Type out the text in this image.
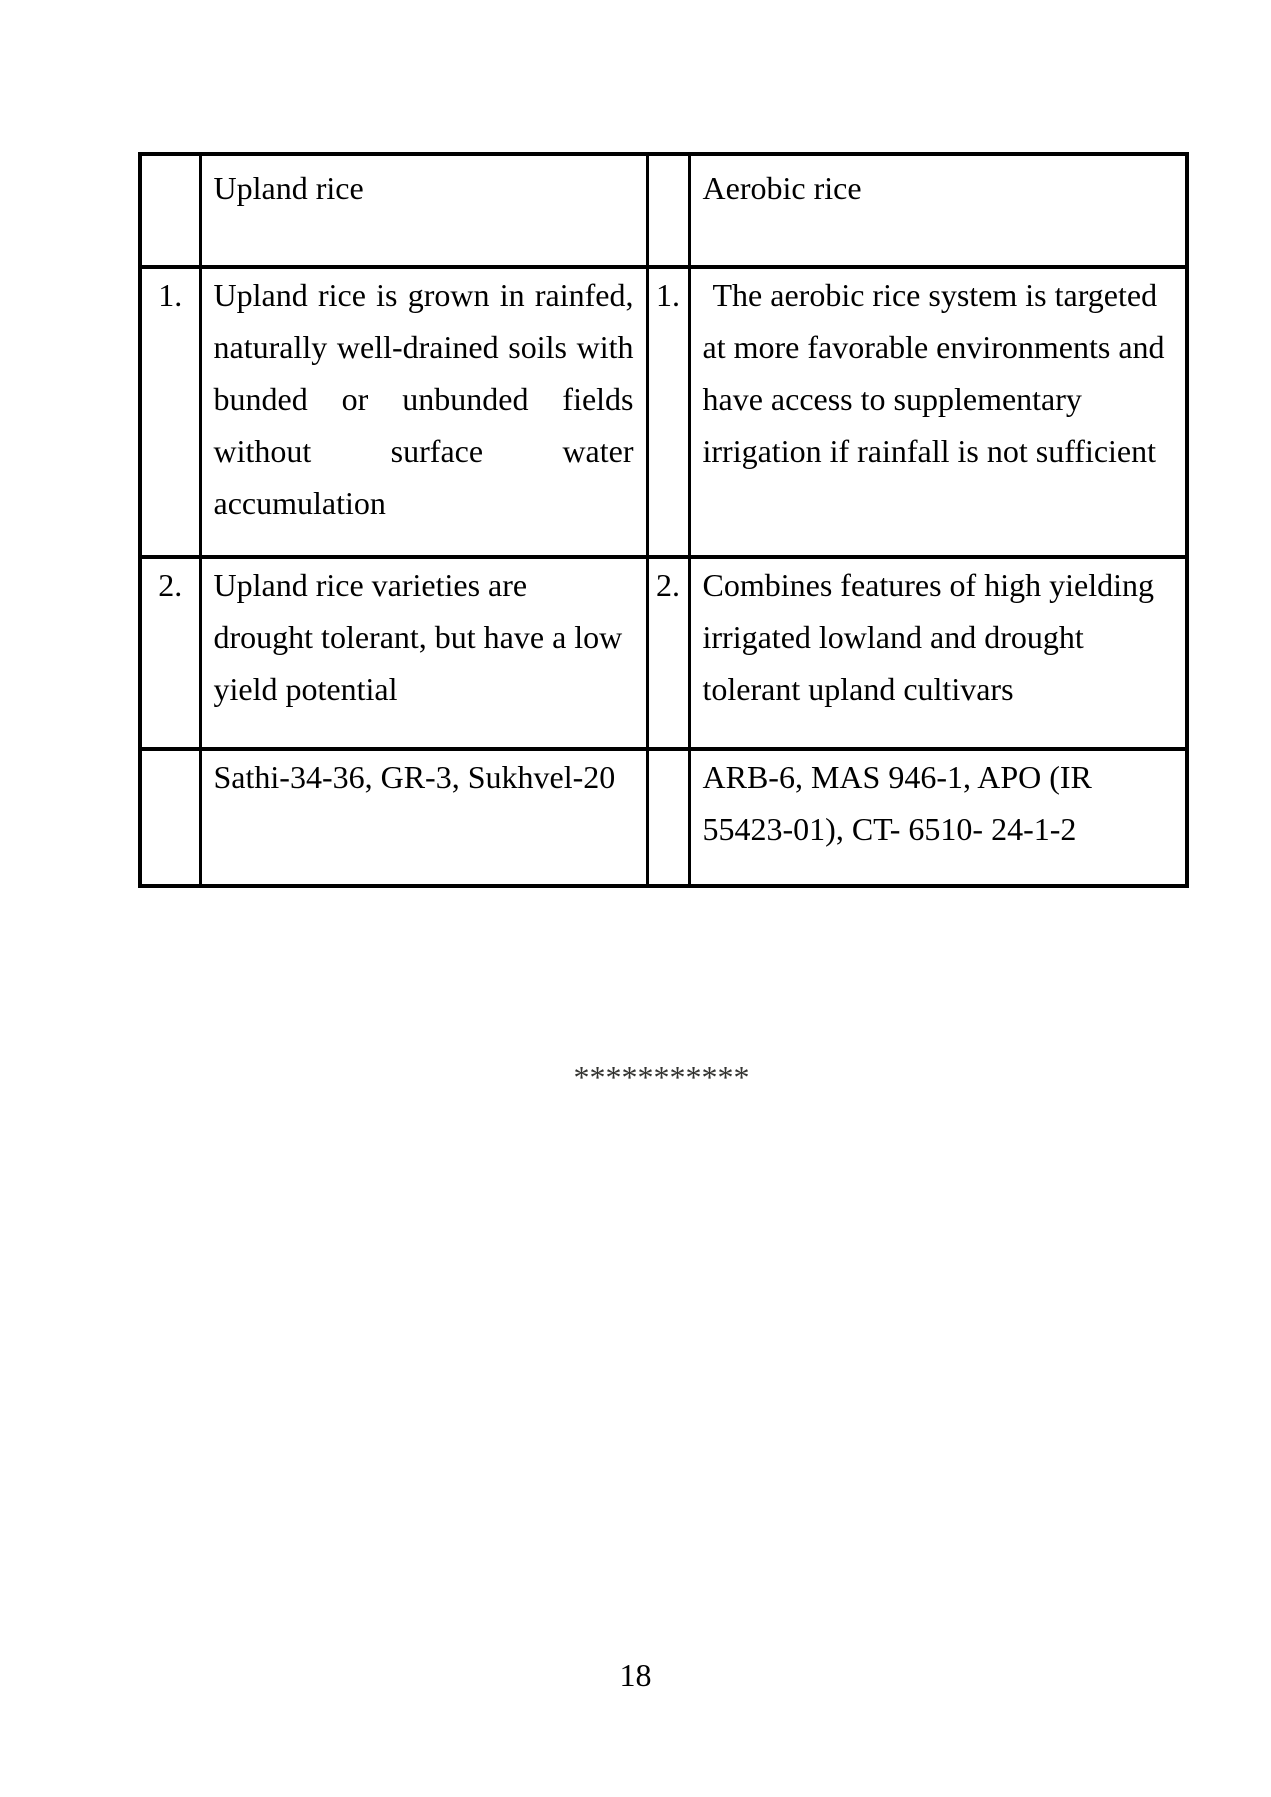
	Upland rice		Aerobic rice
1.	Upland rice is grown in rainfed, naturally well-drained soils with bunded or unbunded fields without surface water accumulation	1.	The aerobic rice system is targeted at more favorable environments and have access to supplementary irrigation if rainfall is not sufficient
2.	Upland rice varieties are drought tolerant, but have a low yield potential	2.	Combines features of high yielding irrigated lowland and drought tolerant upland cultivars
	Sathi-34-36, GR-3, Sukhvel-20		ARB-6, MAS 946-1, APO (IR 55423-01), CT- 6510- 24-1-2
***********
18
